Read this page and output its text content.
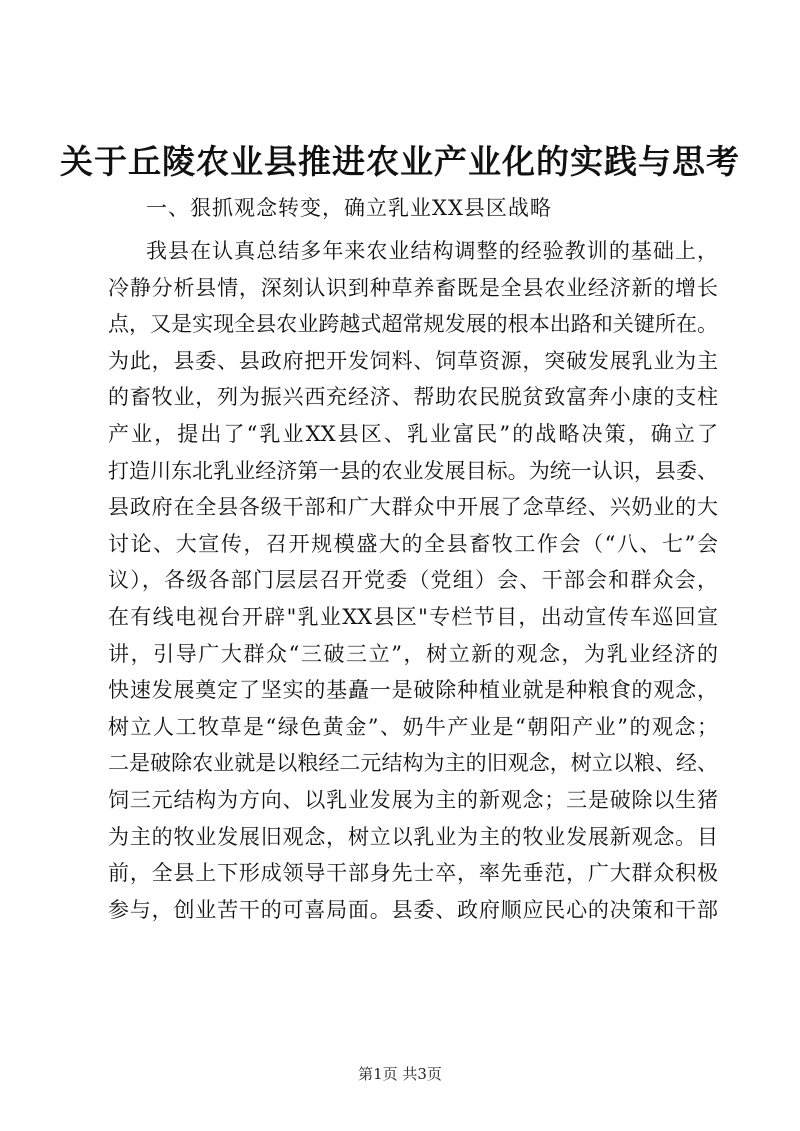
关于丘陵农业县推进农业产业化的实践与思考
一、狠抓观念转变，确立乳业XX县区战略
我县在认真总结多年来农业结构调整的经验教训的基础上，
冷静分析县情，深刻认识到种草养畜既是全县农业经济新的增长
点，又是实现全县农业跨越式超常规发展的根本出路和关键所在。
为此，县委、县政府把开发饲料、饲草资源，突破发展乳业为主
的畜牧业，列为振兴西充经济、帮助农民脱贫致富奔小康的支柱
产业，提出了“乳业XX县区、乳业富民”的战略决策，确立了
打造川东北乳业经济第一县的农业发展目标。为统一认识，县委、
县政府在全县各级干部和广大群众中开展了念草经、兴奶业的大
讨论、大宣传，召开规模盛大的全县畜牧工作会（“八、七”会
议），各级各部门层层召开党委（党组）会、干部会和群众会，
在有线电视台开辟"乳业XX县区"专栏节目，出动宣传车巡回宣
讲，引导广大群众“三破三立”，树立新的观念，为乳业经济的
快速发展奠定了坚实的基矗一是破除种植业就是种粮食的观念，
树立人工牧草是“绿色黄金”、奶牛产业是“朝阳产业”的观念；
二是破除农业就是以粮经二元结构为主的旧观念，树立以粮、经、
饲三元结构为方向、以乳业发展为主的新观念；三是破除以生猪
为主的牧业发展旧观念，树立以乳业为主的牧业发展新观念。目
前，全县上下形成领导干部身先士卒，率先垂范，广大群众积极
参与，创业苦干的可喜局面。县委、政府顺应民心的决策和干部
第1页 共3页
